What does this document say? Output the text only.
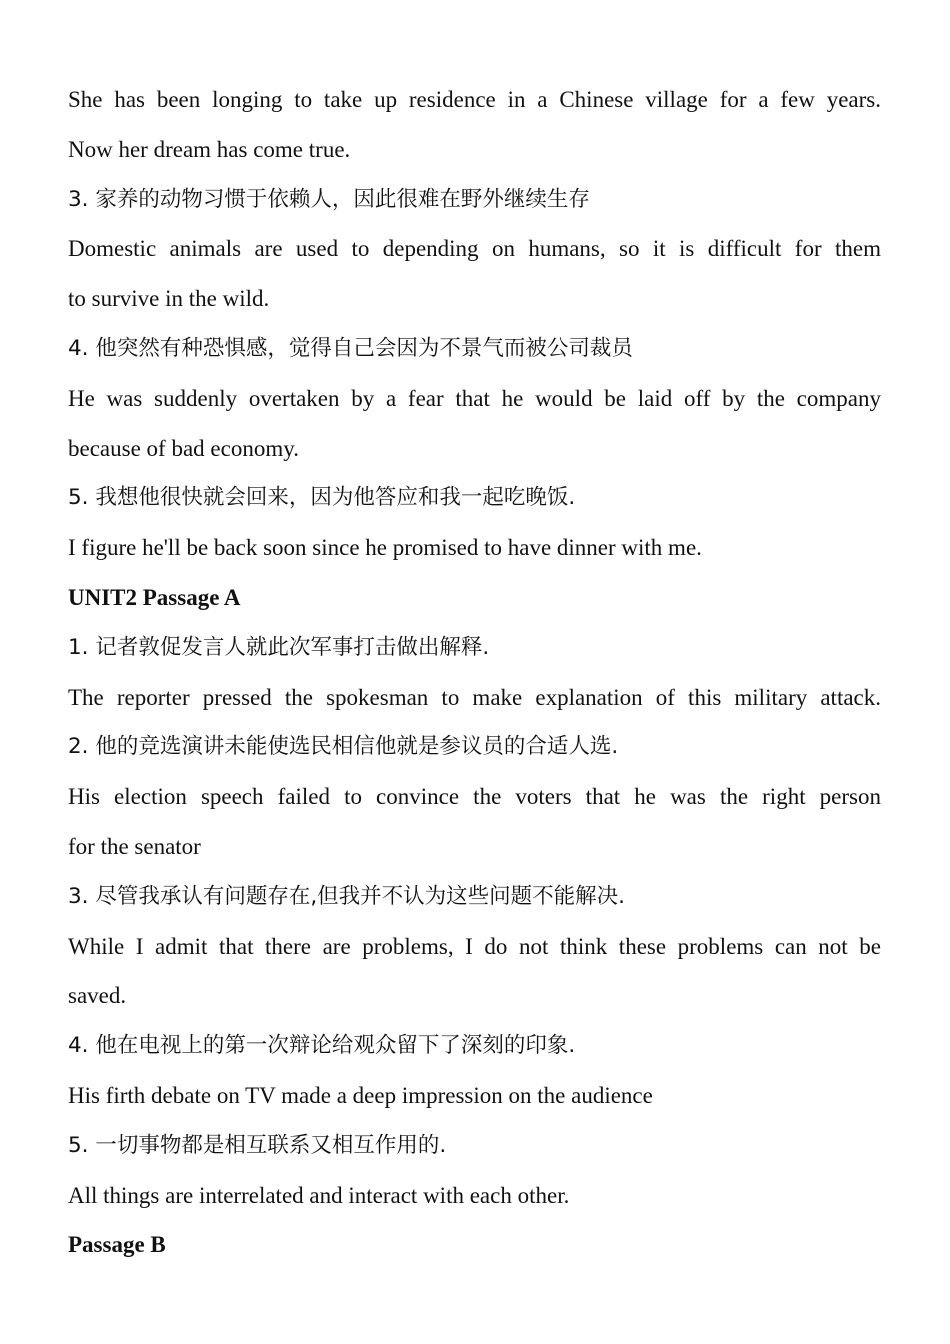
She has been longing to take up residence in a Chinese village for a few years.
Now her dream has come true.
3. 家养的动物习惯于依赖人，因此很难在野外继续生存
Domestic animals are used to depending on humans, so it is difficult for them
to survive in the wild.
4. 他突然有种恐惧感，觉得自己会因为不景气而被公司裁员
He was suddenly overtaken by a fear that he would be laid off by the company
because of bad economy.
5. 我想他很快就会回来，因为他答应和我一起吃晚饭.
I figure he'll be back soon since he promised to have dinner with me.
UNIT2 Passage A
1. 记者敦促发言人就此次军事打击做出解释.
The reporter pressed the spokesman to make explanation of this military attack.
2. 他的竞选演讲未能使选民相信他就是参议员的合适人选.
His election speech failed to convince the voters that he was the right person
for the senator
3. 尽管我承认有问题存在,但我并不认为这些问题不能解决.
While I admit that there are problems, I do not think these problems can not be
saved.
4. 他在电视上的第一次辩论给观众留下了深刻的印象.
His firth debate on TV made a deep impression on the audience
5. 一切事物都是相互联系又相互作用的.
All things are interrelated and interact with each other.
Passage B
